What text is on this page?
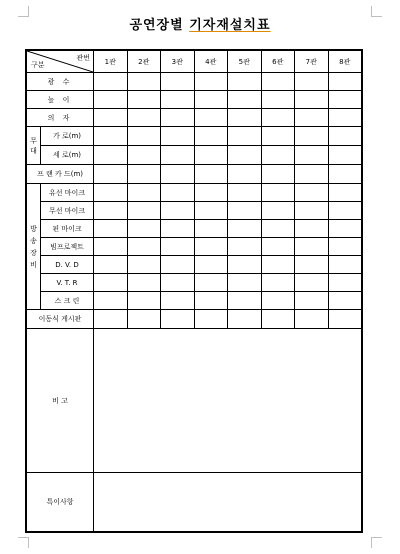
공연장별 기자재설치표
관번
구분		1관	2관	3관	4관	5관	6관	7관	8관
광 수									
높 이									
의 자									
무대	가 로(m)								
	세 로(m)								
프 랜 카 드(m)									
방송장비	유선 마이크								
	무선 마이크								
	핀 마이크								
	빔프로젝트								
	D. V. D								
	V. T. R								
	스 크 린								
이동식 게시판									
비 고									
특이사항									
